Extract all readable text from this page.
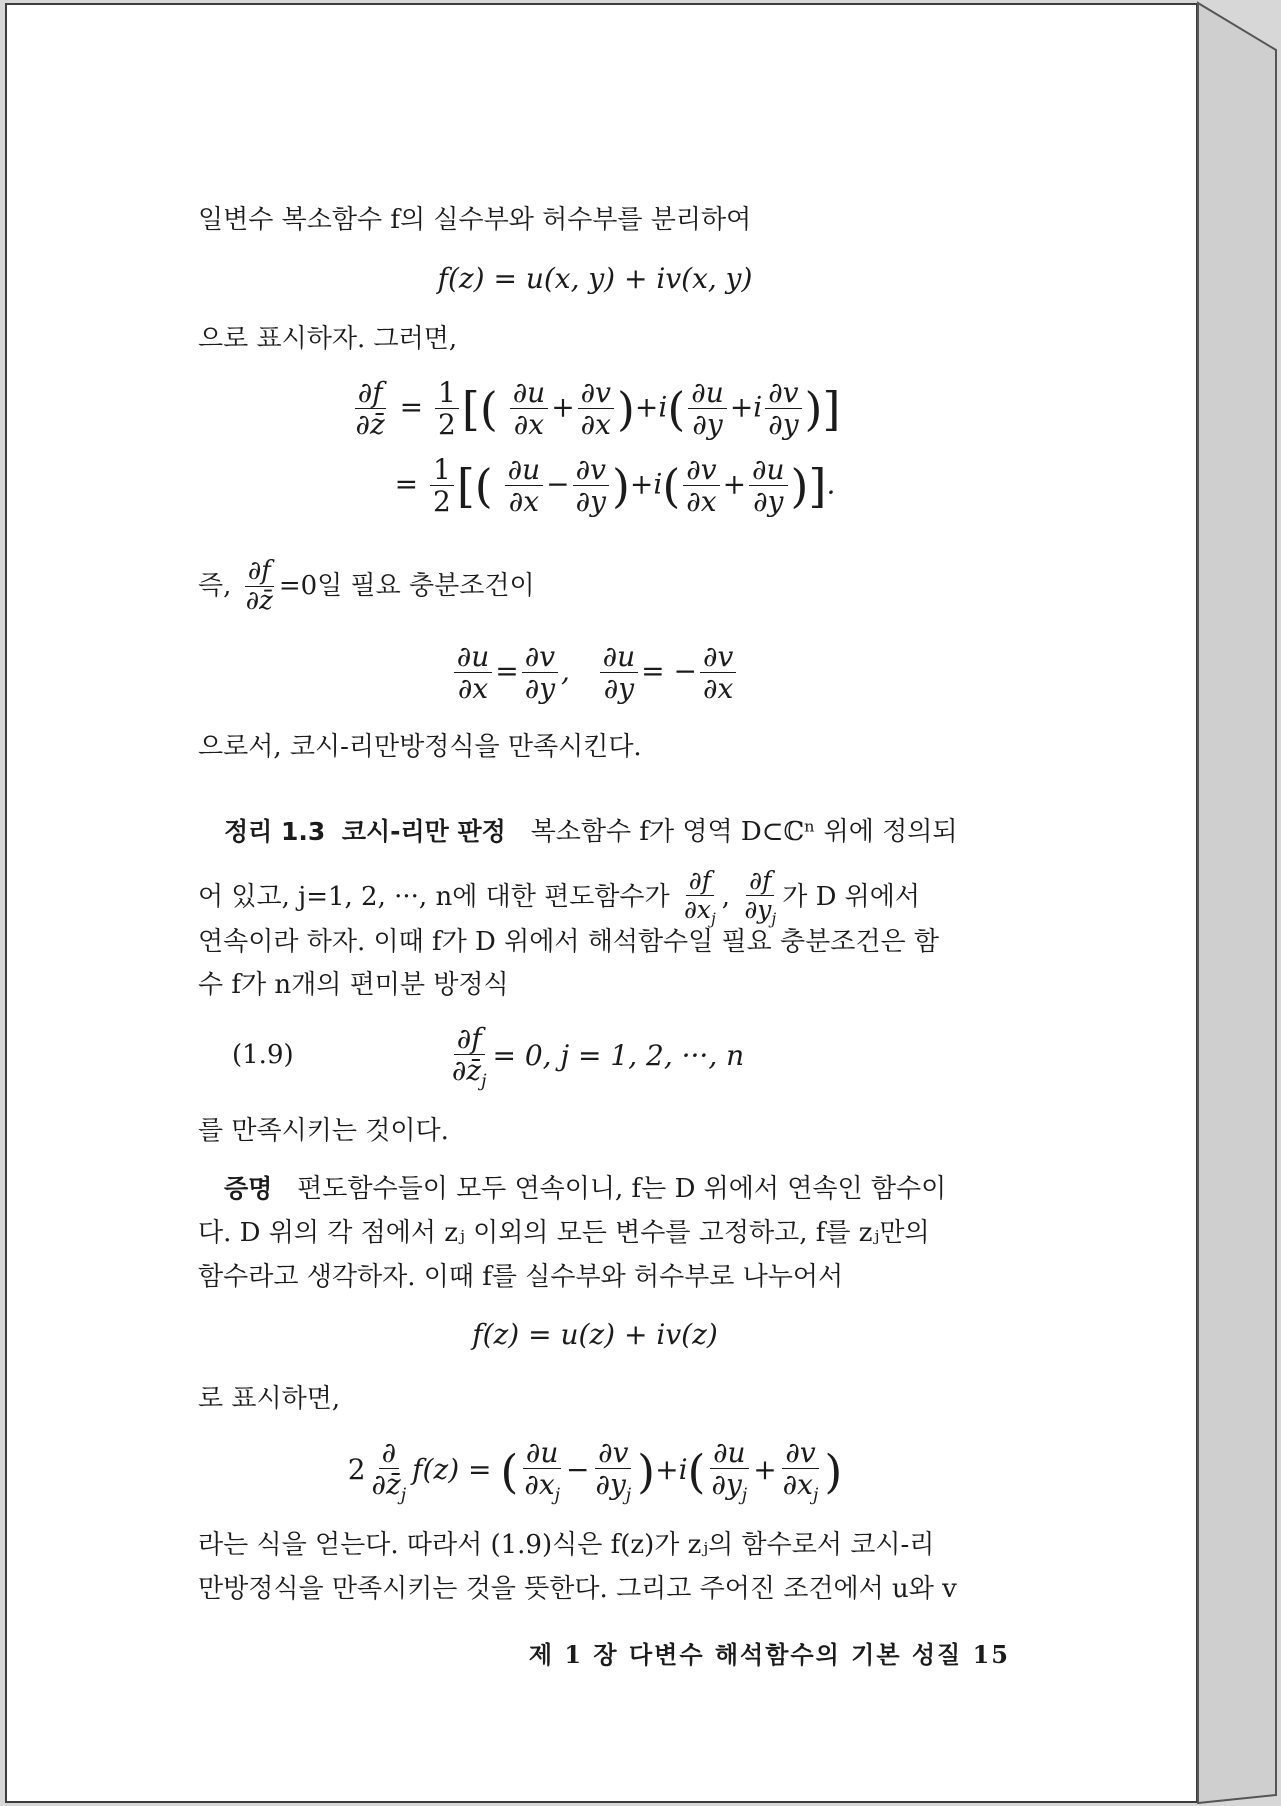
일변수 복소함수 f의 실수부와 허수부를 분리하여
f(z) = u(x, y) + iv(x, y)
으로 표시하자. 그러면,
$\frac{\partial f}{\partial z̄} = \frac{1}{2}$ [( $\frac{\partial u}{\partial x} + \frac{\partial v}{\partial x} )+i( \frac{\partial u}{\partial y} +i \frac{\partial v}{\partial y}$ )]
= $\frac{1}{2}$ [( $\frac{\partial u}{\partial x} - \frac{\partial v}{\partial y} )+i( \frac{\partial v}{\partial x} + \frac{\partial u}{\partial y}$ )].
즉, $\frac{\partial f}{\partial z̄} =0$일 필요 충분조건이
$\frac{\partial u}{\partial x} = \frac{\partial v}{\partial y}$ , $\frac{\partial u}{\partial y}$ = − $\frac{\partial v}{\partial x}$
으로서, 코시-리만방정식을 만족시킨다.
정리 1.3 코시-리만 판정 복소함수 f가 영역 D⊂ℂⁿ 위에 정의되
어 있고, j=1, 2, ···, n에 대한 편도함수가 $\frac{\partial f}{\partial x_j}$ , $\frac{\partial f}{\partial y_j}$ 가 D 위에서
연속이라 하자. 이때 f가 D 위에서 해석함수일 필요 충분조건은 함
수 f가 n개의 편미분 방정식
(1.9)	$\frac{\partial f}{\partial z̄_j} = 0$, j = 1, 2, ···, n
를 만족시키는 것이다.
증명 편도함수들이 모두 연속이니, f는 D 위에서 연속인 함수이
다. D 위의 각 점에서 zⱼ 이외의 모든 변수를 고정하고, f를 zⱼ만의
함수라고 생각하자. 이때 f를 실수부와 허수부로 나누어서
f(z) = u(z) + iv(z)
로 표시하면,
$2 \frac{\partial}{\partial z̄_j} f(z)$ = ( $\frac{\partial u}{\partial x_j} - \frac{\partial v}{\partial y_j} )+i( \frac{\partial u}{\partial y_j} + \frac{\partial v}{\partial x_j}$ )
라는 식을 얻는다. 따라서 (1.9)식은 f(z)가 zⱼ의 함수로서 코시-리
만방정식을 만족시키는 것을 뜻한다. 그리고 주어진 조건에서 u와 v
제 1 장 다변수 해석함수의 기본 성질 15
